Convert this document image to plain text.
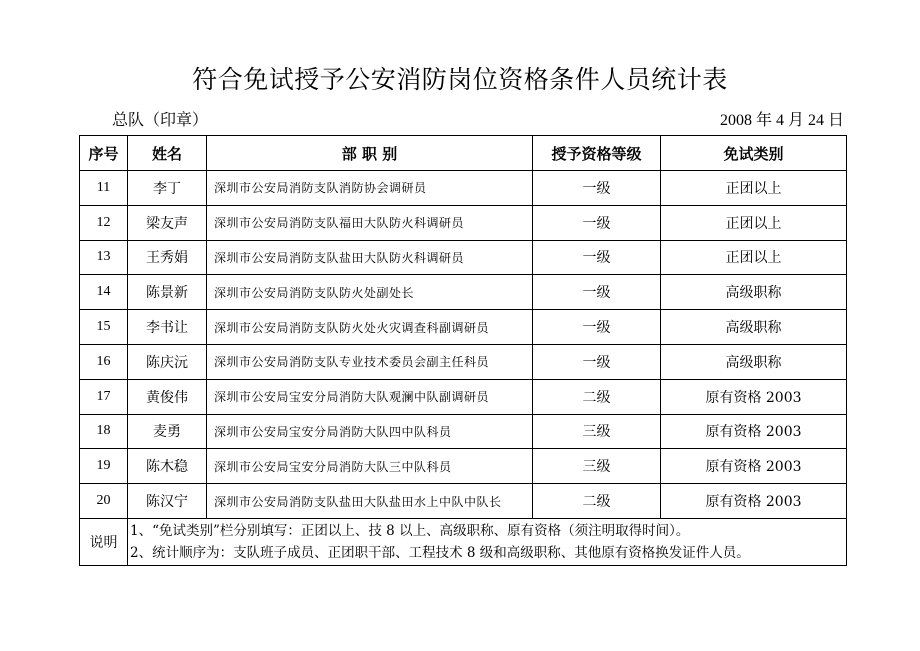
符合免试授予公安消防岗位资格条件人员统计表
总队（印章）	2008 年 4 月 24 日
序号	姓名	部 职 别	授予资格等级	免试类别
11	李丁	深圳市公安局消防支队消防协会调研员	一级	正团以上
12	梁友声	深圳市公安局消防支队福田大队防火科调研员	一级	正团以上
13	王秀娟	深圳市公安局消防支队盐田大队防火科调研员	一级	正团以上
14	陈景新	深圳市公安局消防支队防火处副处长	一级	高级职称
15	李书让	深圳市公安局消防支队防火处火灾调查科副调研员	一级	高级职称
16	陈庆沅	深圳市公安局消防支队专业技术委员会副主任科员	一级	高级职称
17	黄俊伟	深圳市公安局宝安分局消防大队观澜中队副调研员	二级	原有资格 2003
18	麦勇	深圳市公安局宝安分局消防大队四中队科员	三级	原有资格 2003
19	陈木稳	深圳市公安局宝安分局消防大队三中队科员	三级	原有资格 2003
20	陈汉宁	深圳市公安局消防支队盐田大队盐田水上中队中队长	二级	原有资格 2003
说明	1、“免试类别”栏分别填写：正团以上、技 8 以上、高级职称、原有资格（须注明取得时间）。
2、统计顺序为：支队班子成员、正团职干部、工程技术 8 级和高级职称、其他原有资格换发证件人员。			
